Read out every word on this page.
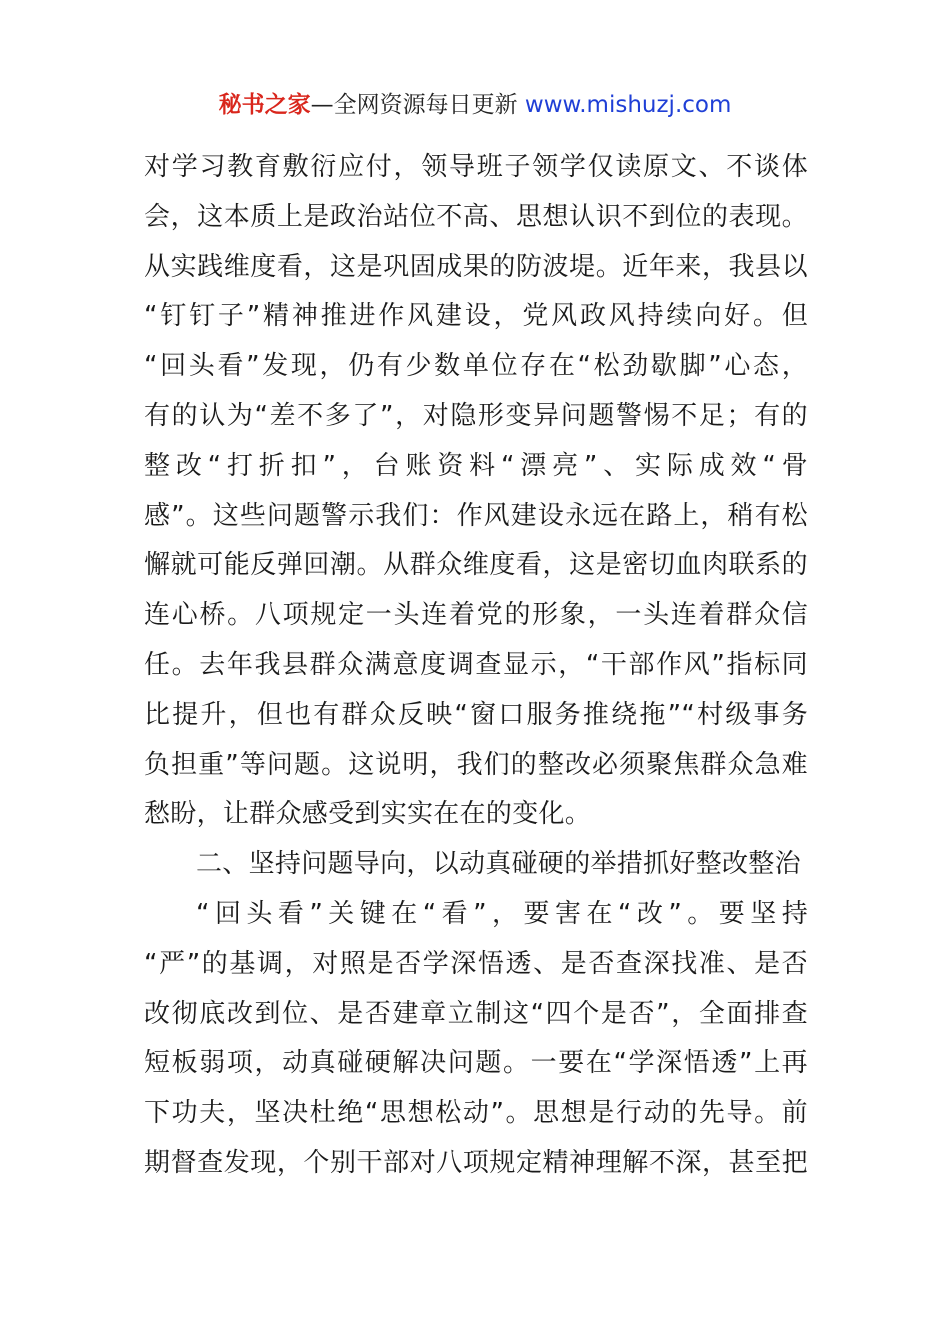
秘书之家—全网资源每日更新 www.mishuzj.com
对学习教育敷衍应付，领导班子领学仅读原文、不谈体
会，这本质上是政治站位不高、思想认识不到位的表现。
从实践维度看，这是巩固成果的防波堤。近年来，我县以
“钉钉子”精神推进作风建设，党风政风持续向好。但
“回头看”发现，仍有少数单位存在“松劲歇脚”心态，
有的认为“差不多了”，对隐形变异问题警惕不足；有的
整改“打折扣”，台账资料“漂亮”、实际成效“骨
感”。这些问题警示我们：作风建设永远在路上，稍有松
懈就可能反弹回潮。从群众维度看，这是密切血肉联系的
连心桥。八项规定一头连着党的形象，一头连着群众信
任。去年我县群众满意度调查显示，“干部作风”指标同
比提升，但也有群众反映“窗口服务推绕拖”“村级事务
负担重”等问题。这说明，我们的整改必须聚焦群众急难
愁盼，让群众感受到实实在在的变化。
二、坚持问题导向，以动真碰硬的举措抓好整改整治
“回头看”关键在“看”，要害在“改”。要坚持
“严”的基调，对照是否学深悟透、是否查深找准、是否
改彻底改到位、是否建章立制这“四个是否”，全面排查
短板弱项，动真碰硬解决问题。一要在“学深悟透”上再
下功夫，坚决杜绝“思想松动”。思想是行动的先导。前
期督查发现，个别干部对八项规定精神理解不深，甚至把
